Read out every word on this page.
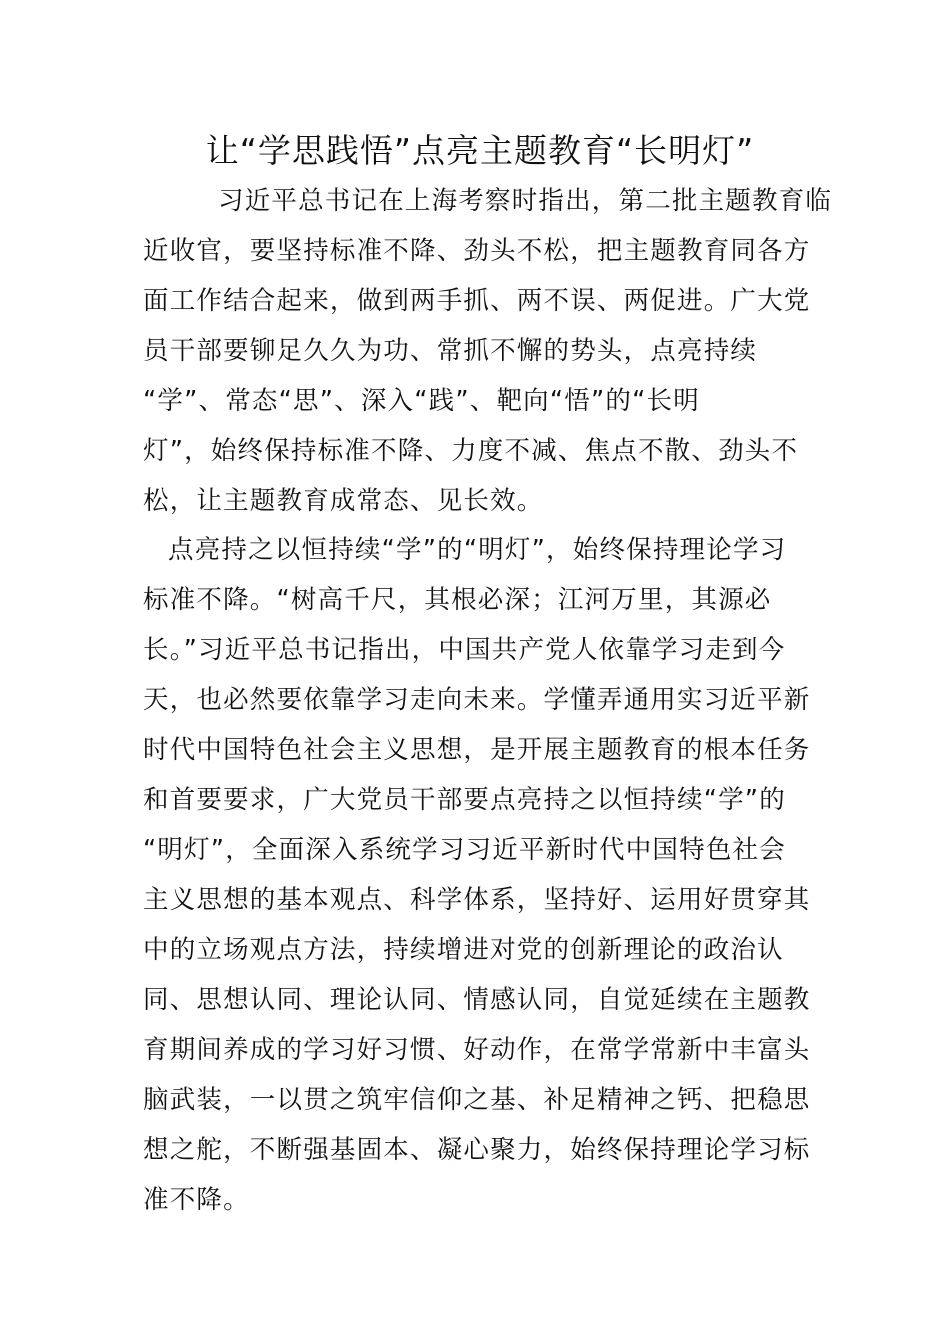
让“学思践悟”点亮主题教育“长明灯”
习近平总书记在上海考察时指出，第二批主题教育临
近收官，要坚持标准不降、劲头不松，把主题教育同各方
面工作结合起来，做到两手抓、两不误、两促进。广大党
员干部要铆足久久为功、常抓不懈的势头，点亮持续
“学”、常态“思”、深入“践”、靶向“悟”的“长明
灯”，始终保持标准不降、力度不减、焦点不散、劲头不
松，让主题教育成常态、见长效。
点亮持之以恒持续“学”的“明灯”，始终保持理论学习
标准不降。“树高千尺，其根必深；江河万里，其源必
长。”习近平总书记指出，中国共产党人依靠学习走到今
天，也必然要依靠学习走向未来。学懂弄通用实习近平新
时代中国特色社会主义思想，是开展主题教育的根本任务
和首要要求，广大党员干部要点亮持之以恒持续“学”的
“明灯”，全面深入系统学习习近平新时代中国特色社会
主义思想的基本观点、科学体系，坚持好、运用好贯穿其
中的立场观点方法，持续增进对党的创新理论的政治认
同、思想认同、理论认同、情感认同，自觉延续在主题教
育期间养成的学习好习惯、好动作，在常学常新中丰富头
脑武装，一以贯之筑牢信仰之基、补足精神之钙、把稳思
想之舵，不断强基固本、凝心聚力，始终保持理论学习标
准不降。
